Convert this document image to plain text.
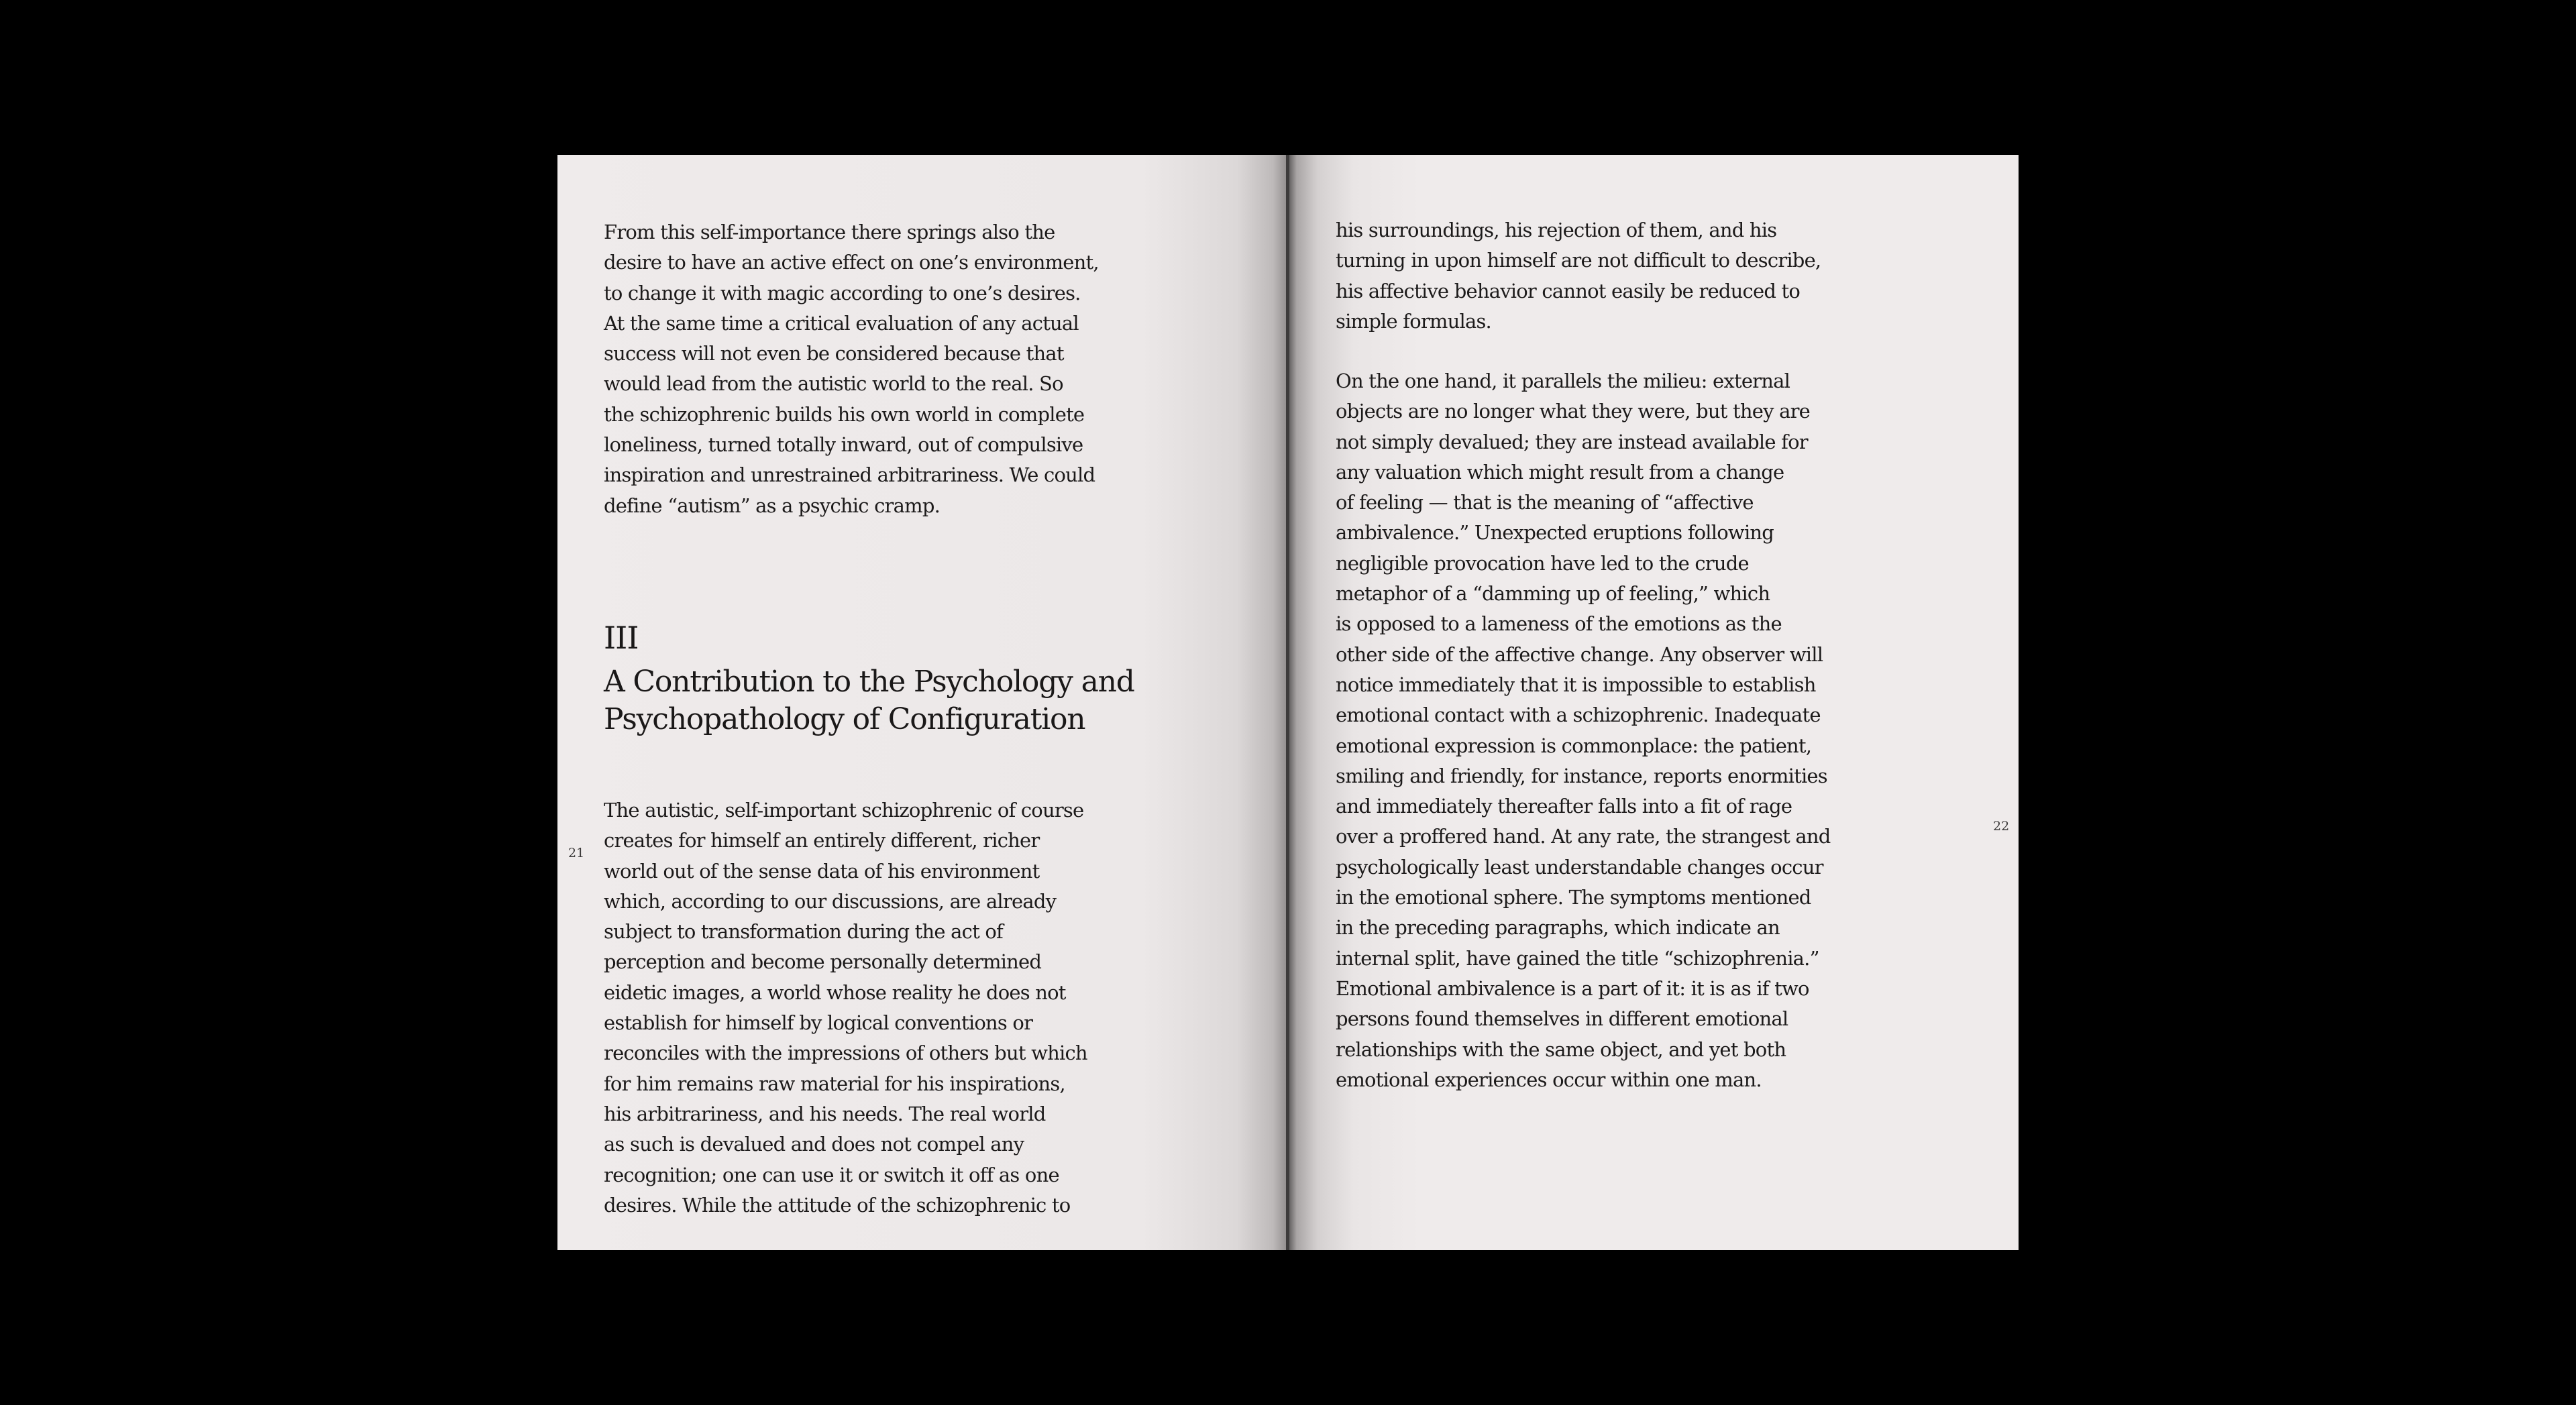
From this self-importance there springs also the
desire to have an active effect on one’s environment,
to change it with magic according to one’s desires.
At the same time a critical evaluation of any actual
success will not even be considered because that
would lead from the autistic world to the real. So
the schizophrenic builds his own world in complete
loneliness, turned totally inward, out of compulsive
inspiration and unrestrained arbitrariness. We could
define “autism” as a psychic cramp.

III
A Contribution to the Psychology and
Psychopathology of Configuration

The autistic, self-important schizophrenic of course
creates for himself an entirely different, richer
world out of the sense data of his environment
which, according to our discussions, are already
subject to transformation during the act of
perception and become personally determined
eidetic images, a world whose reality he does not
establish for himself by logical conventions or
reconciles with the impressions of others but which
for him remains raw material for his inspirations,
his arbitrariness, and his needs. The real world
as such is devalued and does not compel any
recognition; one can use it or switch it off as one
desires. While the attitude of the schizophrenic to

21

his surroundings, his rejection of them, and his
turning in upon himself are not difficult to describe,
his affective behavior cannot easily be reduced to
simple formulas.

On the one hand, it parallels the milieu: external
objects are no longer what they were, but they are
not simply devalued; they are instead available for
any valuation which might result from a change
of feeling — that is the meaning of “affective
ambivalence.” Unexpected eruptions following
negligible provocation have led to the crude
metaphor of a “damming up of feeling,” which
is opposed to a lameness of the emotions as the
other side of the affective change. Any observer will
notice immediately that it is impossible to establish
emotional contact with a schizophrenic. Inadequate
emotional expression is commonplace: the patient,
smiling and friendly, for instance, reports enormities
and immediately thereafter falls into a fit of rage
over a proffered hand. At any rate, the strangest and
psychologically least understandable changes occur
in the emotional sphere. The symptoms mentioned
in the preceding paragraphs, which indicate an
internal split, have gained the title “schizophrenia.”
Emotional ambivalence is a part of it: it is as if two
persons found themselves in different emotional
relationships with the same object, and yet both
emotional experiences occur within one man.

22
